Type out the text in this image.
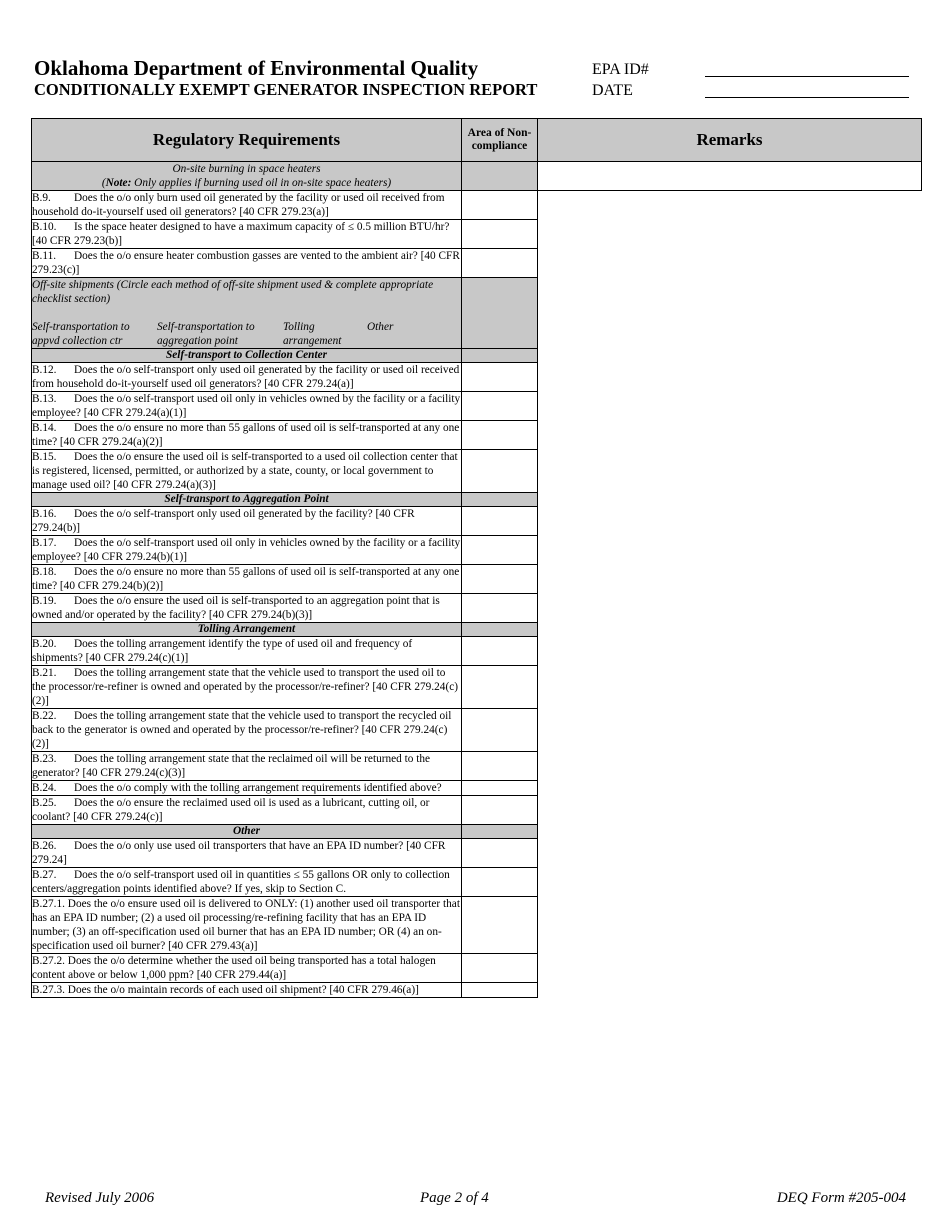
Oklahoma Department of Environmental Quality
CONDITIONALLY EXEMPT GENERATOR INSPECTION REPORT
EPA ID#
DATE
Regulatory Requirements	Area of Non-compliance	Remarks

On-site burning in space heaters
(Note: Only applies if burning used oil in on-site space heaters)		

B.9. Does the o/o only burn used oil generated by the facility or used oil received from household do-it-yourself used oil generators? [40 CFR 279.23(a)]		
B.10. Is the space heater designed to have a maximum capacity of ≤ 0.5 million BTU/hr? [40 CFR 279.23(b)]		
B.11. Does the o/o ensure heater combustion gasses are vented to the ambient air? [40 CFR 279.23(c)]		

Off-site shipments (Circle each method of off-site shipment used & complete appropriate checklist section)
Self-transportation to appvd collection ctr
Self-transportation to aggregation point
Tolling arrangement
Other		

Self-transport to Collection Center		
B.12. Does the o/o self-transport only used oil generated by the facility or used oil received from household do-it-yourself used oil generators? [40 CFR 279.24(a)]		
B.13. Does the o/o self-transport used oil only in vehicles owned by the facility or a facility employee? [40 CFR 279.24(a)(1)]		
B.14. Does the o/o ensure no more than 55 gallons of used oil is self-transported at any one time? [40 CFR 279.24(a)(2)]		
B.15. Does the o/o ensure the used oil is self-transported to a used oil collection center that is registered, licensed, permitted, or authorized by a state, county, or local government to manage used oil? [40 CFR 279.24(a)(3)]		
Self-transport to Aggregation Point		
B.16. Does the o/o self-transport only used oil generated by the facility? [40 CFR 279.24(b)]		
B.17. Does the o/o self-transport used oil only in vehicles owned by the facility or a facility employee? [40 CFR 279.24(b)(1)]		
B.18. Does the o/o ensure no more than 55 gallons of used oil is self-transported at any one time? [40 CFR 279.24(b)(2)]		
B.19. Does the o/o ensure the used oil is self-transported to an aggregation point that is owned and/or operated by the facility? [40 CFR 279.24(b)(3)]		
Tolling Arrangement		
B.20. Does the tolling arrangement identify the type of used oil and frequency of shipments? [40 CFR 279.24(c)(1)]		
B.21. Does the tolling arrangement state that the vehicle used to transport the used oil to the processor/re-refiner is owned and operated by the processor/re-refiner? [40 CFR 279.24(c)(2)]		
B.22. Does the tolling arrangement state that the vehicle used to transport the recycled oil back to the generator is owned and operated by the processor/re-refiner? [40 CFR 279.24(c)(2)]		
B.23. Does the tolling arrangement state that the reclaimed oil will be returned to the generator? [40 CFR 279.24(c)(3)]		
B.24. Does the o/o comply with the tolling arrangement requirements identified above?		
B.25. Does the o/o ensure the reclaimed used oil is used as a lubricant, cutting oil, or coolant? [40 CFR 279.24(c)]		
Other		
B.26. Does the o/o only use used oil transporters that have an EPA ID number? [40 CFR 279.24]		
B.27. Does the o/o self-transport used oil in quantities ≤ 55 gallons OR only to collection centers/aggregation points identified above? If yes, skip to Section C.		
B.27.1. Does the o/o ensure used oil is delivered to ONLY: (1) another used oil transporter that has an EPA ID number; (2) a used oil processing/re-refining facility that has an EPA ID number; (3) an off-specification used oil burner that has an EPA ID number; OR (4) an on-specification used oil burner? [40 CFR 279.43(a)]		
B.27.2. Does the o/o determine whether the used oil being transported has a total halogen content above or below 1,000 ppm? [40 CFR 279.44(a)]		
B.27.3. Does the o/o maintain records of each used oil shipment? [40 CFR 279.46(a)]		
Revised July 2006	Page 2 of 4	DEQ Form #205-004
